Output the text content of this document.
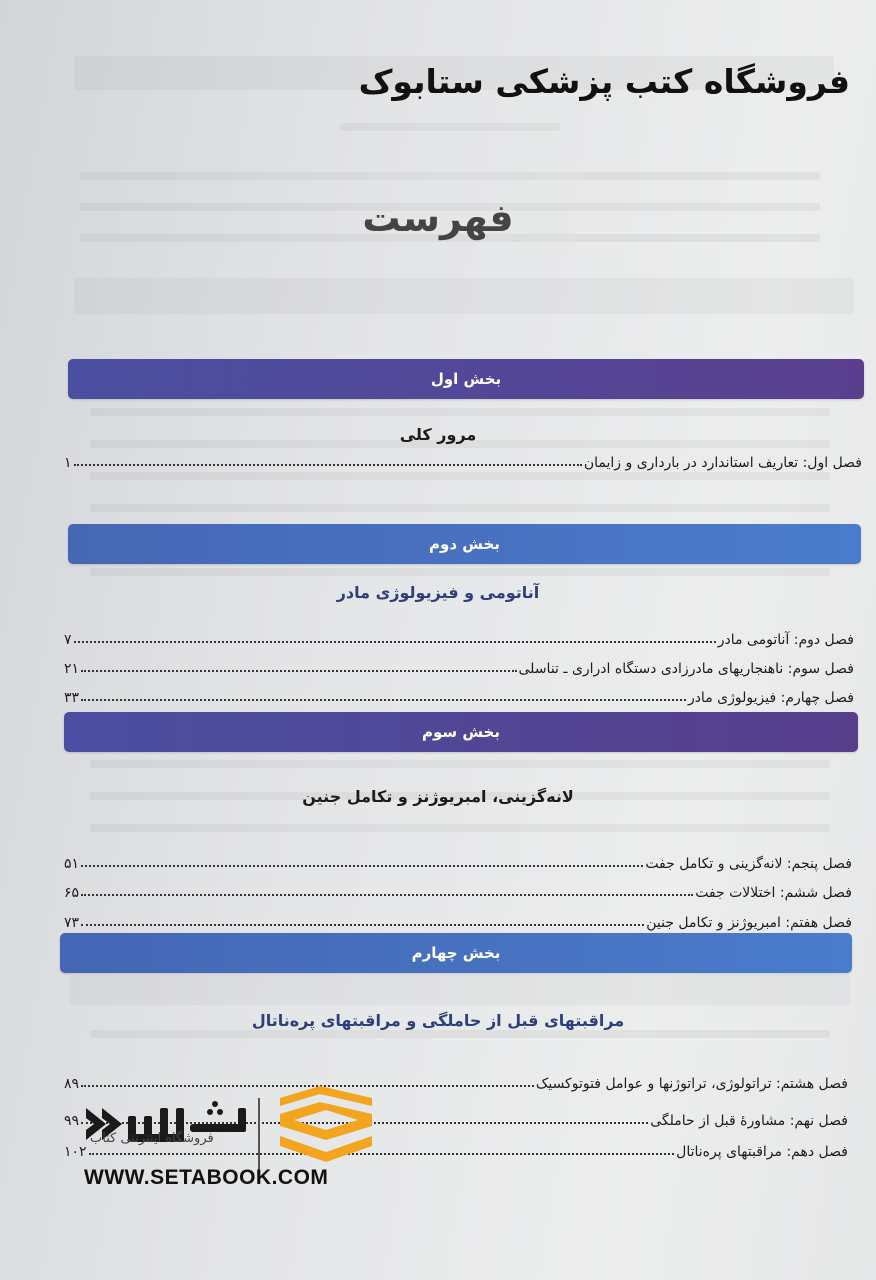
فروشگاه کتب پزشکی ستابوک
فهرست
بخش اول
مرور کلی
فصل اول: تعاریف استاندارد در بارداری و زایمان
۱
بخش دوم
آناتومی و فیزیولوژی مادر
فصل دوم: آناتومی مادر
۷
فصل سوم: ناهنجاریهای مادرزادی دستگاه ادراری ـ تناسلی
۲۱
فصل چهارم: فیزیولوژی مادر
۳۳
بخش سوم
لانه‌گزینی، امبریوژنز و تکامل جنین
فصل پنجم: لانه‌گزینی و تکامل جفت
۵۱
فصل ششم: اختلالات جفت
۶۵
فصل هفتم: امبریوژنز و تکامل جنین
۷۳
بخش چهارم
مراقبتهای قبل از حاملگی و مراقبتهای پره‌ناتال
فصل هشتم: تراتولوژی، تراتوژنها و عوامل فتوتوکسیک
۸۹
فصل نهم: مشاورهٔ قبل از حاملگی
۹۹
فصل دهم: مراقبتهای پره‌ناتال
۱۰۲
فروشگاه اینترنتی کتاب
WWW.SETABOOK.COM
